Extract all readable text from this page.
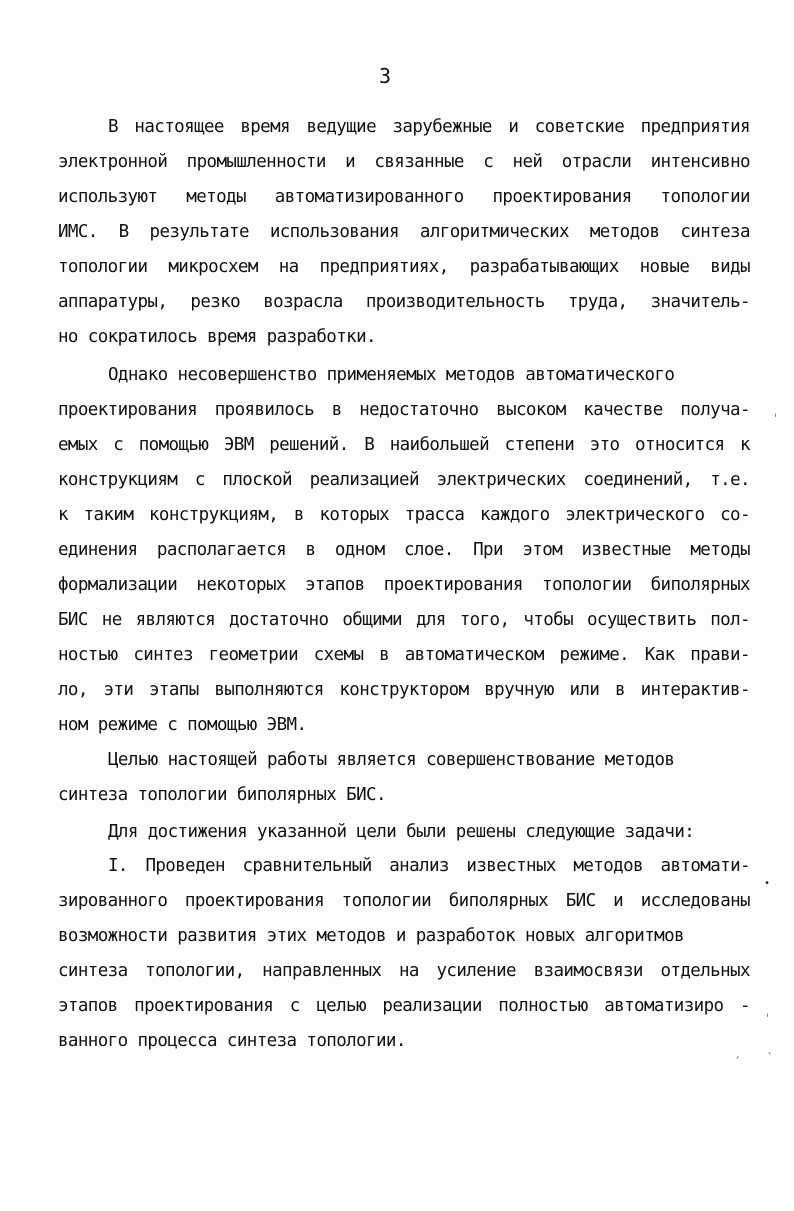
3
В настоящее время ведущие зарубежные и советские предприятия
электронной промышленности и связанные с ней отрасли интенсивно
используют методы автоматизированного проектирования топологии
ИМС. В результате использования алгоритмических методов синтеза
топологии микросхем на предприятиях, разрабатывающих новые виды
аппаратуры, резко возрасла производительность труда, значитель-
но сократилось время разработки.
Однако несовершенство применяемых методов автоматического
проектирования проявилось в недостаточно высоком качестве получа-
емых с помощью ЭВМ решений. В наибольшей степени это относится к
конструкциям с плоской реализацией электрических соединений, т.е.
к таким конструкциям, в которых трасса каждого электрического со-
единения располагается в одном слое. При этом известные методы
формализации некоторых этапов проектирования топологии биполярных
БИС не являются достаточно общими для того, чтобы осуществить пол-
ностью синтез геометрии схемы в автоматическом режиме. Как прави-
ло, эти этапы выполняются конструктором вручную или в интерактив-
ном режиме с помощью ЭВМ.
Целью настоящей работы является совершенствование методов
синтеза топологии биполярных БИС.
Для достижения указанной цели были решены следующие задачи:
I. Проведен сравнительный анализ известных методов автомати-
зированного проектирования топологии биполярных БИС и исследованы
возможности развития этих методов и разработок новых алгоритмов
синтеза топологии, направленных на усиление взаимосвязи отдельных
этапов проектирования с целью реализации полностью автоматизиро -
ванного процесса синтеза топологии.
ˈ
•
ˈ
ˏ ˎ
